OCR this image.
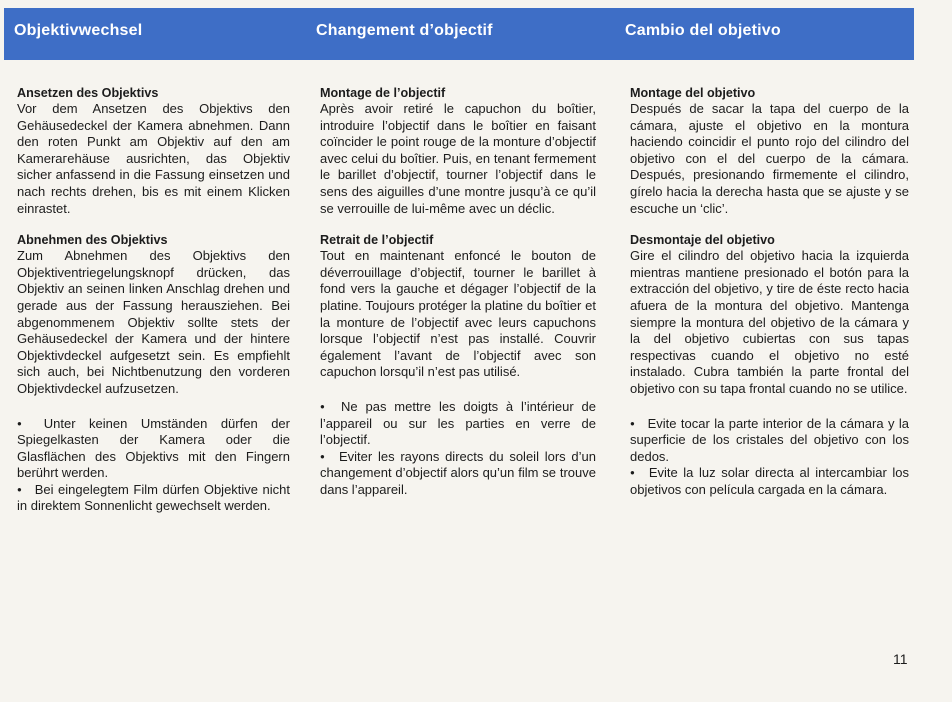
Objektivwechsel	Changement d’objectif	Cambio del objetivo
Ansetzen des Objektivs

Vor dem Ansetzen des Objektivs den Gehäusedeckel der Kamera abnehmen. Dann den roten Punkt am Objektiv auf den am Kamerагehäuse ausrichten, das Objektiv sicher anfassend in die Fassung einsetzen und nach rechts drehen, bis es mit einem Klicken einrastet.

Abnehmen des Objektivs

Zum Abnehmen des Objektivs den Objektiventriegelungsknopf drücken, das Objektiv an seinen linken Anschlag drehen und gerade aus der Fassung herausziehen. Bei abgenommenem Objektiv sollte stets der Gehäusedeckel der Kamera und der hintere Objektivdeckel aufgesetzt sein. Es empfiehlt sich auch, bei Nichtbenutzung den vorderen Objektivdeckel aufzusetzen.

● Unter keinen Umständen dürfen der Spiegelkasten der Kamera oder die Glasflächen des Objektivs mit den Fingern berührt werden.

● Bei eingelegtem Film dürfen Objektive nicht in direktem Sonnenlicht gewechselt werden.

Montage de l’objectif

Après avoir retiré le capuchon du boîtier, introduire l’objectif dans le boîtier en faisant coïncider le point rouge de la monture d’objectif avec celui du boîtier. Puis, en tenant fermement le barillet d’objectif, tourner l’objectif dans le sens des aiguilles d’une montre jusqu’à ce qu’il se verrouille de lui-même avec un déclic.

Retrait de l’objectif

Tout en maintenant enfoncé le bouton de déverrouillage d’objectif, tourner le barillet à fond vers la gauche et dégager l’objectif de la platine. Toujours protéger la platine du boîtier et la monture de l’objectif avec leurs capuchons lorsque l’objectif n’est pas installé. Couvrir également l’avant de l’objectif avec son capuchon lorsqu’il n’est pas utilisé.

● Ne pas mettre les doigts à l’intérieur de l’appareil ou sur les parties en verre de l’objectif.

● Eviter les rayons directs du soleil lors d’un changement d’objectif alors qu’un film se trouve dans l’appareil.

Montage del objetivo

Después de sacar la tapa del cuerpo de la cámara, ajuste el objetivo en la montura haciendo coincidir el punto rojo del cilindro del objetivo con el del cuerpo de la cámara. Después, presionando firmemente el cilindro, gírelo hacia la derecha hasta que se ajuste y se escuche un ‘clic’.

Desmontaje del objetivo

Gire el cilindro del objetivo hacia la izquierda mientras mantiene presionado el botón para la extracción del objetivo, y tire de éste recto hacia afuera de la montura del objetivo. Mantenga siempre la montura del objetivo de la cámara y la del objetivo cubiertas con sus tapas respectivas cuando el objetivo no esté instalado. Cubra también la parte frontal del objetivo con su tapa frontal cuando no se utilice.

● Evite tocar la parte interior de la cámara y la superficie de los cristales del objetivo con los dedos.

● Evite la luz solar directa al intercambiar los objetivos con película cargada en la cámara.

11
